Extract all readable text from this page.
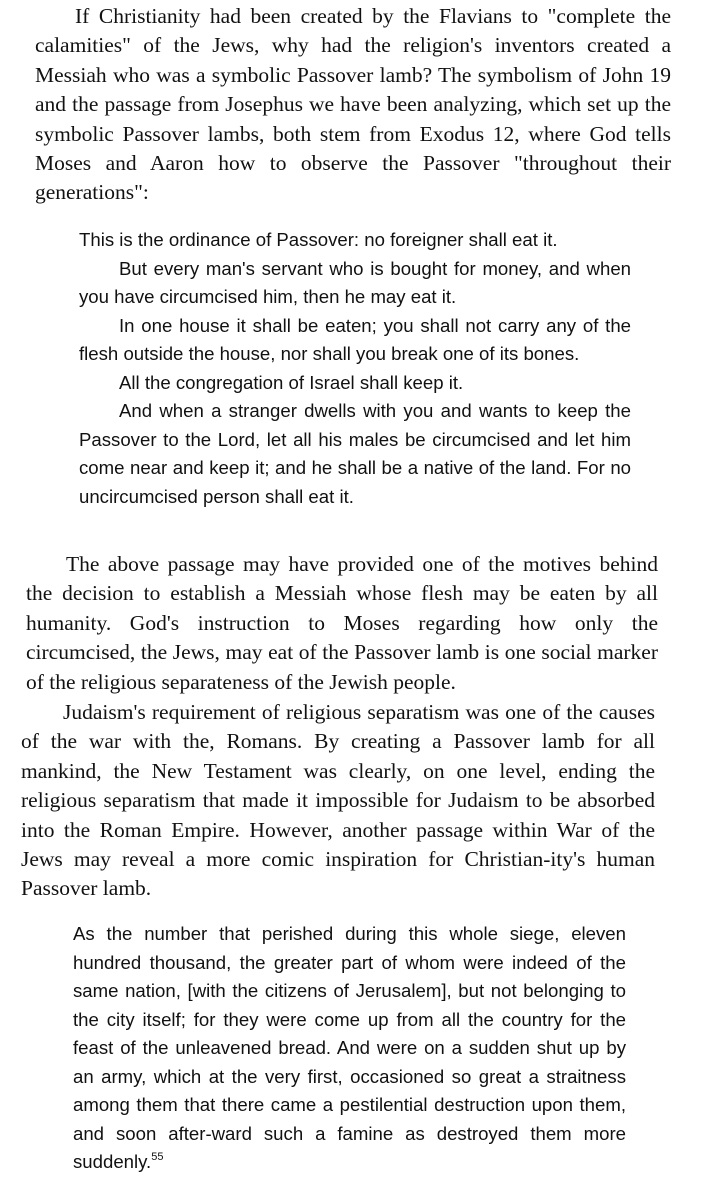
If Christianity had been created by the Flavians to "complete the calamities" of the Jews, why had the religion's inventors created a Messiah who was a symbolic Passover lamb? The symbolism of John 19 and the passage from Josephus we have been analyzing, which set up the symbolic Passover lambs, both stem from Exodus 12, where God tells Moses and Aaron how to observe the Passover "throughout their generations":

This is the ordinance of Passover: no foreigner shall eat it.

But every man's servant who is bought for money, and when you have circumcised him, then he may eat it.

In one house it shall be eaten; you shall not carry any of the flesh outside the house, nor shall you break one of its bones.

All the congregation of Israel shall keep it.

And when a stranger dwells with you and wants to keep the Passover to the Lord, let all his males be circumcised and let him come near and keep it; and he shall be a native of the land. For no uncircumcised person shall eat it.

The above passage may have provided one of the motives behind the decision to establish a Messiah whose flesh may be eaten by all humanity. God's instruction to Moses regarding how only the circumcised, the Jews, may eat of the Passover lamb is one social marker of the religious separateness of the Jewish people.
Judaism's requirement of religious separatism was one of the causes of the war with the, Romans. By creating a Passover lamb for all mankind, the New Testament was clearly, on one level, ending the religious separatism that made it impossible for Judaism to be absorbed into the Roman Empire. However, another passage within War of the Jews may reveal a more comic inspiration for Christian-ity's human Passover lamb.
As the number that perished during this whole siege, eleven hundred thousand, the greater part of whom were indeed of the same nation, [with the citizens of Jerusalem], but not belonging to the city itself; for they were come up from all the country for the feast of the unleavened bread. And were on a sudden shut up by an army, which at the very first, occasioned so great a straitness among them that there came a pestilential destruction upon them, and soon after-ward such a famine as destroyed them more suddenly.$^{55}$
